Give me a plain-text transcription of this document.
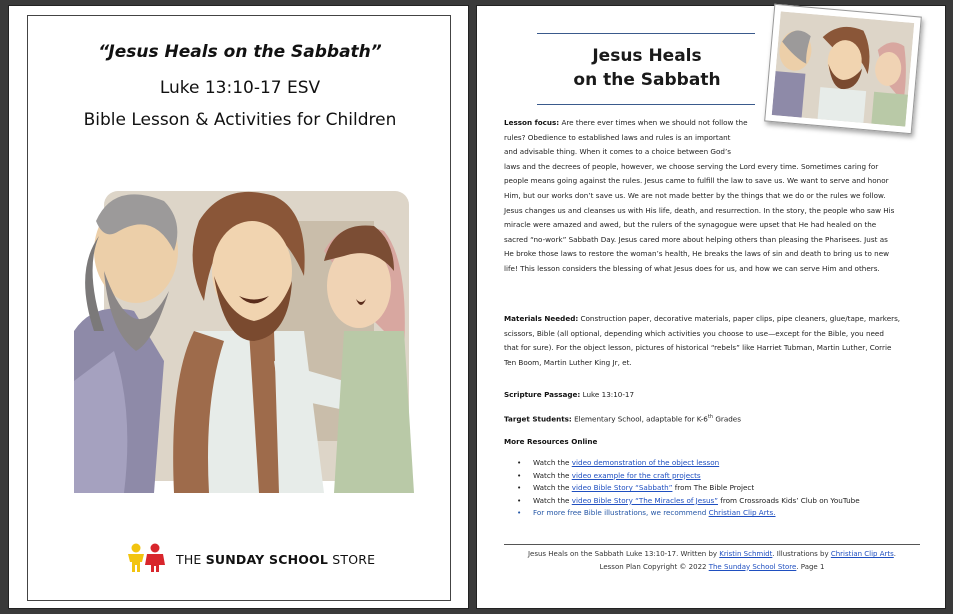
“Jesus Heals on the Sabbath”
Luke 13:10-17 ESV
Bible Lesson & Activities for Children
THE SUNDAY SCHOOL STORE
Jesus Heals
on the Sabbath
Lesson focus: Are there ever times when we should not follow the
rules? Obedience to established laws and rules is an important
and advisable thing. When it comes to a choice between God’s
laws and the decrees of people, however, we choose serving the Lord every time. Sometimes caring for
people means going against the rules. Jesus came to fulfill the law to save us. We want to serve and honor
Him, but our works don’t save us. We are not made better by the things that we do or the rules we follow.
Jesus changes us and cleanses us with His life, death, and resurrection. In the story, the people who saw His
miracle were amazed and awed, but the rulers of the synagogue were upset that He had healed on the
sacred “no-work” Sabbath Day. Jesus cared more about helping others than pleasing the Pharisees. Just as
He broke those laws to restore the woman’s health, He breaks the laws of sin and death to bring us to new
life! This lesson considers the blessing of what Jesus does for us, and how we can serve Him and others.
Materials Needed: Construction paper, decorative materials, paper clips, pipe cleaners, glue/tape, markers,
scissors, Bible (all optional, depending which activities you choose to use—except for the Bible, you need
that for sure). For the object lesson, pictures of historical “rebels” like Harriet Tubman, Martin Luther, Corrie
Ten Boom, Martin Luther King Jr, et.
Scripture Passage: Luke 13:10-17
Target Students: Elementary School, adaptable for K-6th Grades
More Resources Online
• Watch the video demonstration of the object lesson
• Watch the video example for the craft projects
• Watch the video Bible Story “Sabbath” from The Bible Project
• Watch the video Bible Story “The Miracles of Jesus” from Crossroads Kids’ Club on YouTube
• For more free Bible illustrations, we recommend Christian Clip Arts.
Jesus Heals on the Sabbath Luke 13:10-17. Written by Kristin Schmidt. Illustrations by Christian Clip Arts.
Lesson Plan Copyright © 2022 The Sunday School Store. Page 1
